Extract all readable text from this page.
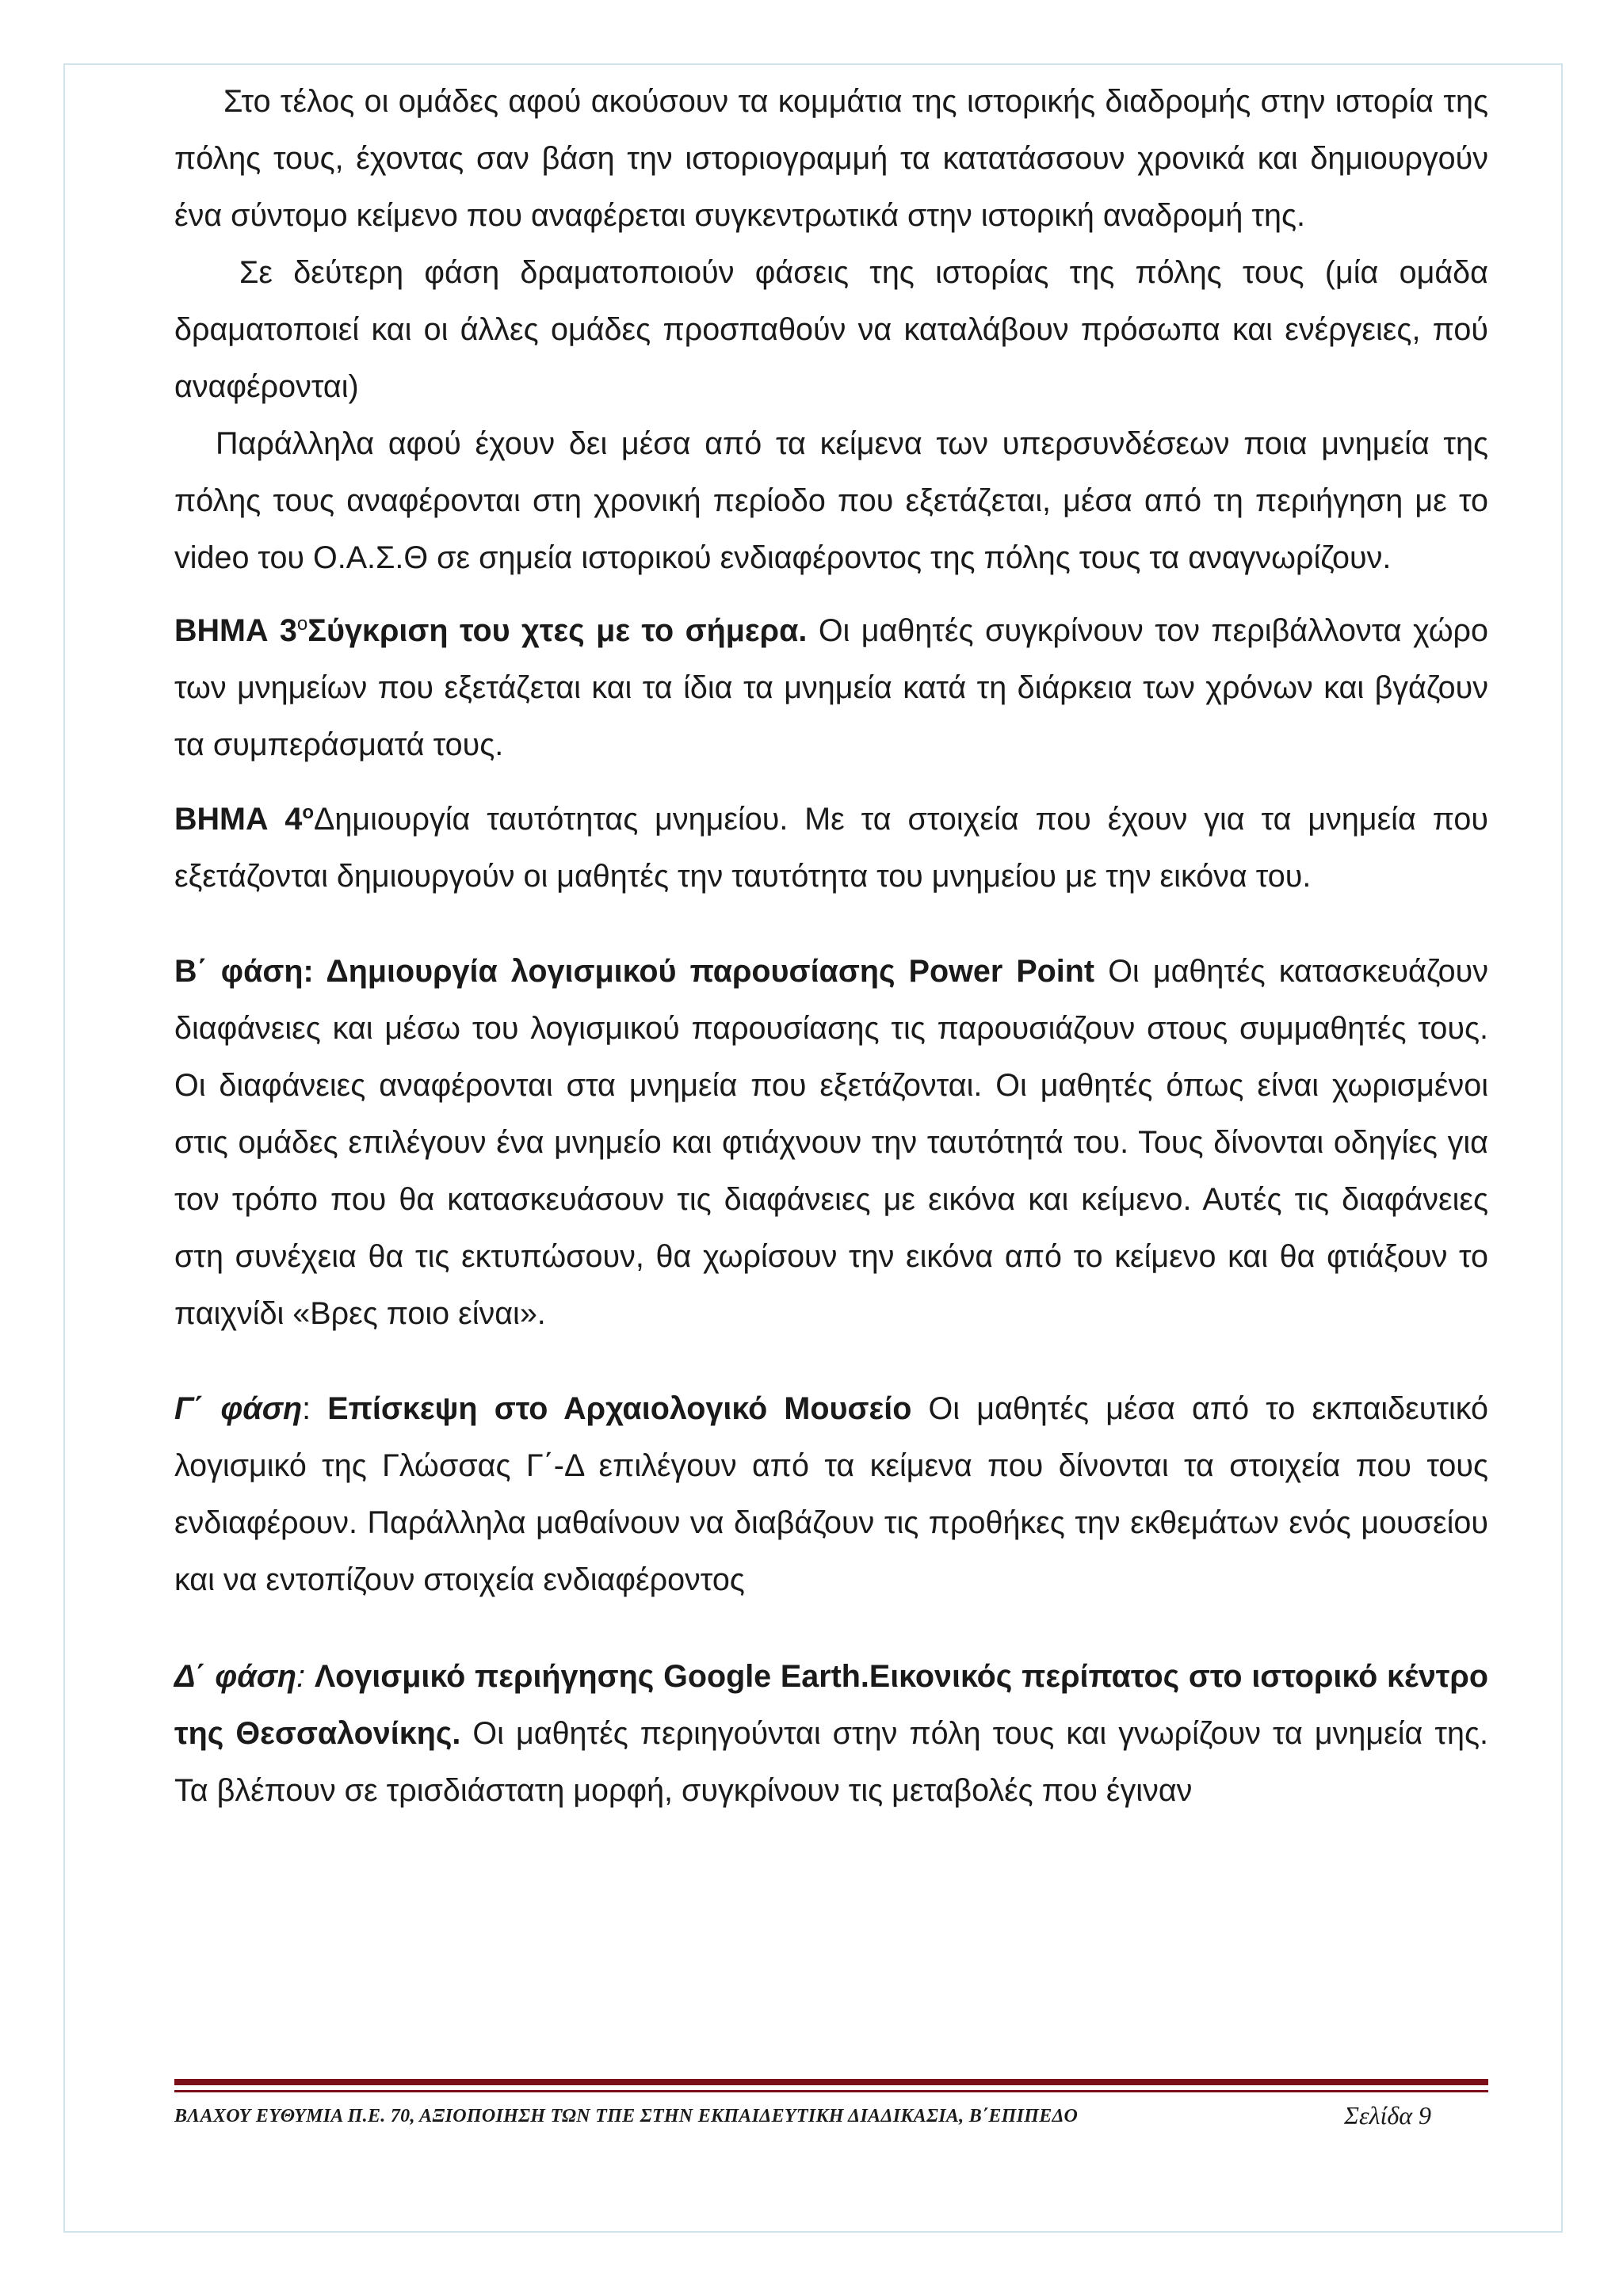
Στο τέλος οι ομάδες αφού ακούσουν τα κομμάτια της ιστορικής διαδρομής στην ιστορία της πόλης τους, έχοντας σαν βάση την ιστοριογραμμή τα κατατάσσουν χρονικά και δημιουργούν ένα σύντομο κείμενο που αναφέρεται συγκεντρωτικά στην ιστορική αναδρομή της.

Σε δεύτερη φάση δραματοποιούν φάσεις της ιστορίας της πόλης τους (μία ομάδα δραματοποιεί και οι άλλες ομάδες προσπαθούν να καταλάβουν πρόσωπα και ενέργειες, πού αναφέρονται)

Παράλληλα αφού έχουν δει μέσα από τα κείμενα των υπερσυνδέσεων ποια μνημεία της πόλης τους αναφέρονται στη χρονική περίοδο που εξετάζεται, μέσα από τη περιήγηση με το video του Ο.Α.Σ.Θ σε σημεία ιστορικού ενδιαφέροντος της πόλης τους τα αναγνωρίζουν.

ΒΗΜΑ $3^o\Sigma ύ\gamma\kappa\rho\iota\sigma\eta$ του χτες με το σήμερα. Οι μαθητές συγκρίνουν τον περιβάλλοντα χώρο των μνημείων που εξετάζεται και τα ίδια τα μνημεία κατά τη διάρκεια των χρόνων και βγάζουν τα συμπεράσματά τους.

ΒΗΜΑ $4^o\Delta\eta\mu\iota o\upsilon\rho\gamma ί\alpha$ ταυτότητας μνημείου. Με τα στοιχεία που έχουν για τα μνημεία που εξετάζονται δημιουργούν οι μαθητές την ταυτότητα του μνημείου με την εικόνα του.

Β΄ φάση: Δημιουργία λογισμικού παρουσίασης Power Point Οι μαθητές κατασκευάζουν διαφάνειες και μέσω του λογισμικού παρουσίασης τις παρουσιάζουν στους συμμαθητές τους. Οι διαφάνειες αναφέρονται στα μνημεία που εξετάζονται. Οι μαθητές όπως είναι χωρισμένοι στις ομάδες επιλέγουν ένα μνημείο και φτιάχνουν την ταυτότητά του. Τους δίνονται οδηγίες για τον τρόπο που θα κατασκευάσουν τις διαφάνειες με εικόνα και κείμενο. Αυτές τις διαφάνειες στη συνέχεια θα τις εκτυπώσουν, θα χωρίσουν την εικόνα από το κείμενο και θα φτιάξουν το παιχνίδι «Βρες ποιο είναι».

Γ΄ φάση: Επίσκεψη στο Αρχαιολογικό Μουσείο Οι μαθητές μέσα από το εκπαιδευτικό λογισμικό της Γλώσσας Γ΄-Δ επιλέγουν από τα κείμενα που δίνονται τα στοιχεία που τους ενδιαφέρουν. Παράλληλα μαθαίνουν να διαβάζουν τις προθήκες την εκθεμάτων ενός μουσείου και να εντοπίζουν στοιχεία ενδιαφέροντος

Δ΄ φάση: Λογισμικό περιήγησης Google Earth.Εικονικός περίπατος στο ιστορικό κέντρο της Θεσσαλονίκης. Οι μαθητές περιηγούνται στην πόλη τους και γνωρίζουν τα μνημεία της. Τα βλέπουν σε τρισδιάστατη μορφή, συγκρίνουν τις μεταβολές που έγιναν

ΒΛΑΧΟΥ ΕΥΘΥΜΙΑ Π.Ε. 70, ΑΞΙΟΠΟΙΗΣΗ ΤΩΝ ΤΠΕ ΣΤΗΝ ΕΚΠΑΙΔΕΥΤΙΚΗ ΔΙΑΔΙΚΑΣΙΑ, Β΄ΕΠΙΠΕΔΟ	Σελίδα 9
